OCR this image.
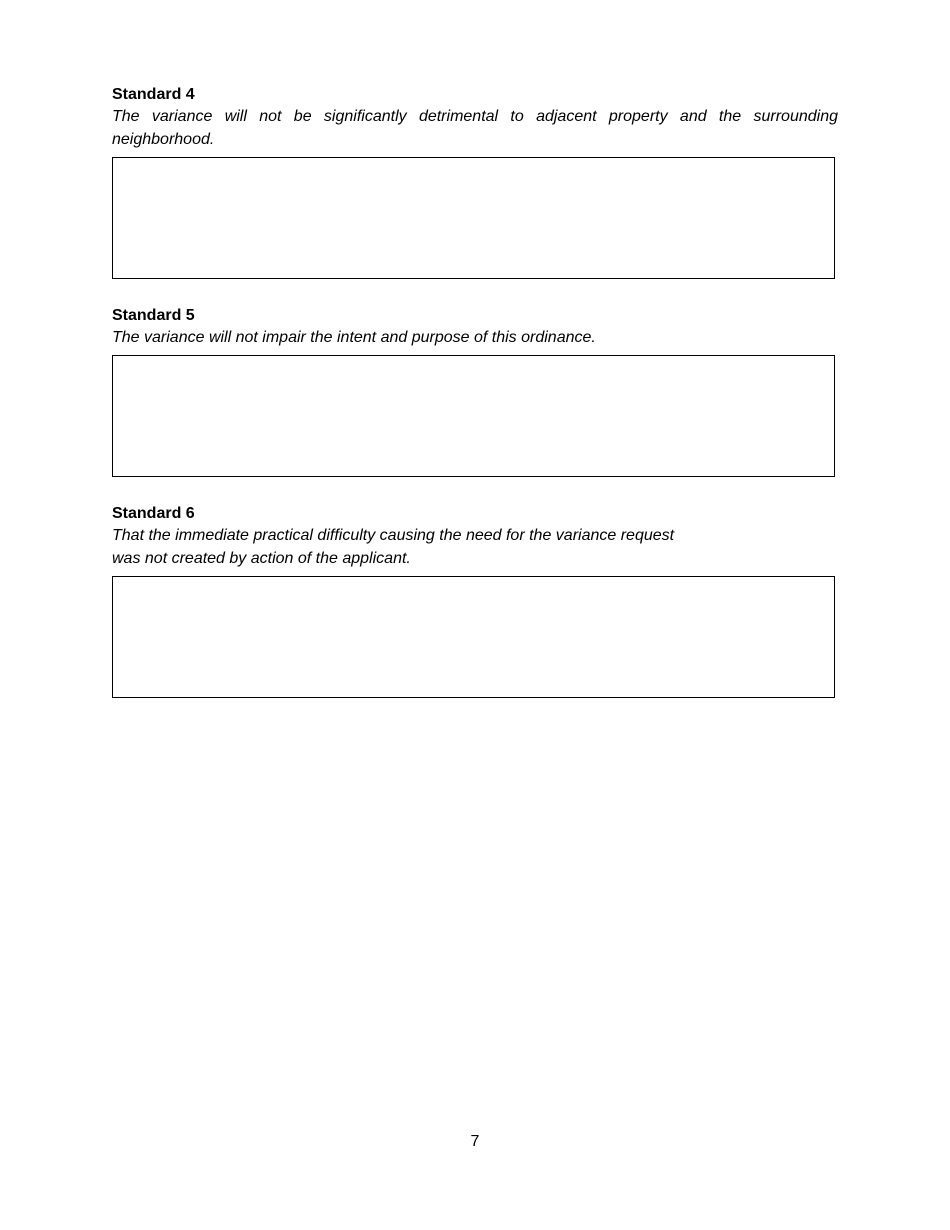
Standard 4

The variance will not be significantly detrimental to adjacent property and the surrounding neighborhood.

Standard 5

The variance will not impair the intent and purpose of this ordinance.

Standard 6

That the immediate practical difficulty causing the need for the variance request

was not created by action of the applicant.

7
